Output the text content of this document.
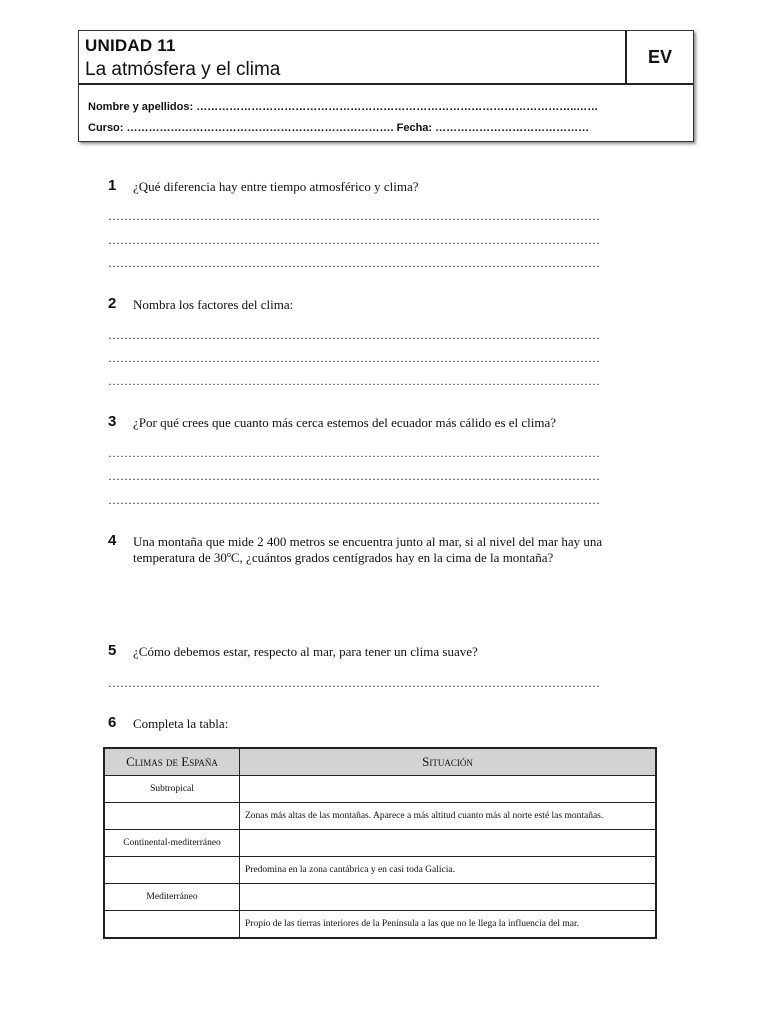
UNIDAD 11
La atmósfera y el clima
EV
Nombre y apellidos: …………………………………………………………………………………………..……
Curso: ………………………………………………………………. Fecha: ……………………………………
1 ¿Qué diferencia hay entre tiempo atmosférico y clima?
……………………………………………………………………………………………………………
……………………………………………………………………………………………………………
……………………………………………………………………………………………………………
2 Nombra los factores del clima:
……………………………………………………………………………………………………………
……………………………………………………………………………………………………………
……………………………………………………………………………………………………………
3 ¿Por qué crees que cuanto más cerca estemos del ecuador más cálido es el clima?
……………………………………………………………………………………………………………
……………………………………………………………………………………………………………
……………………………………………………………………………………………………………
4 Una montaña que mide 2 400 metros se encuentra junto al mar, si al nivel del mar hay una temperatura de 30ºC, ¿cuántos grados centígrados hay en la cima de la montaña?
5 ¿Cómo debemos estar, respecto al mar, para tener un clima suave?
……………………………………………………………………………………………………………
6 Completa la tabla:
Climas de España	Situación
Subtropical	
	Zonas más altas de las montañas. Aparece a más altitud cuanto más al norte esté las montañas.
Continental-mediterráneo	
	Predomina en la zona cantábrica y en casi toda Galicia.
Mediterráneo	
	Propio de las tierras interiores de la Península a las que no le llega la influencia del mar.
